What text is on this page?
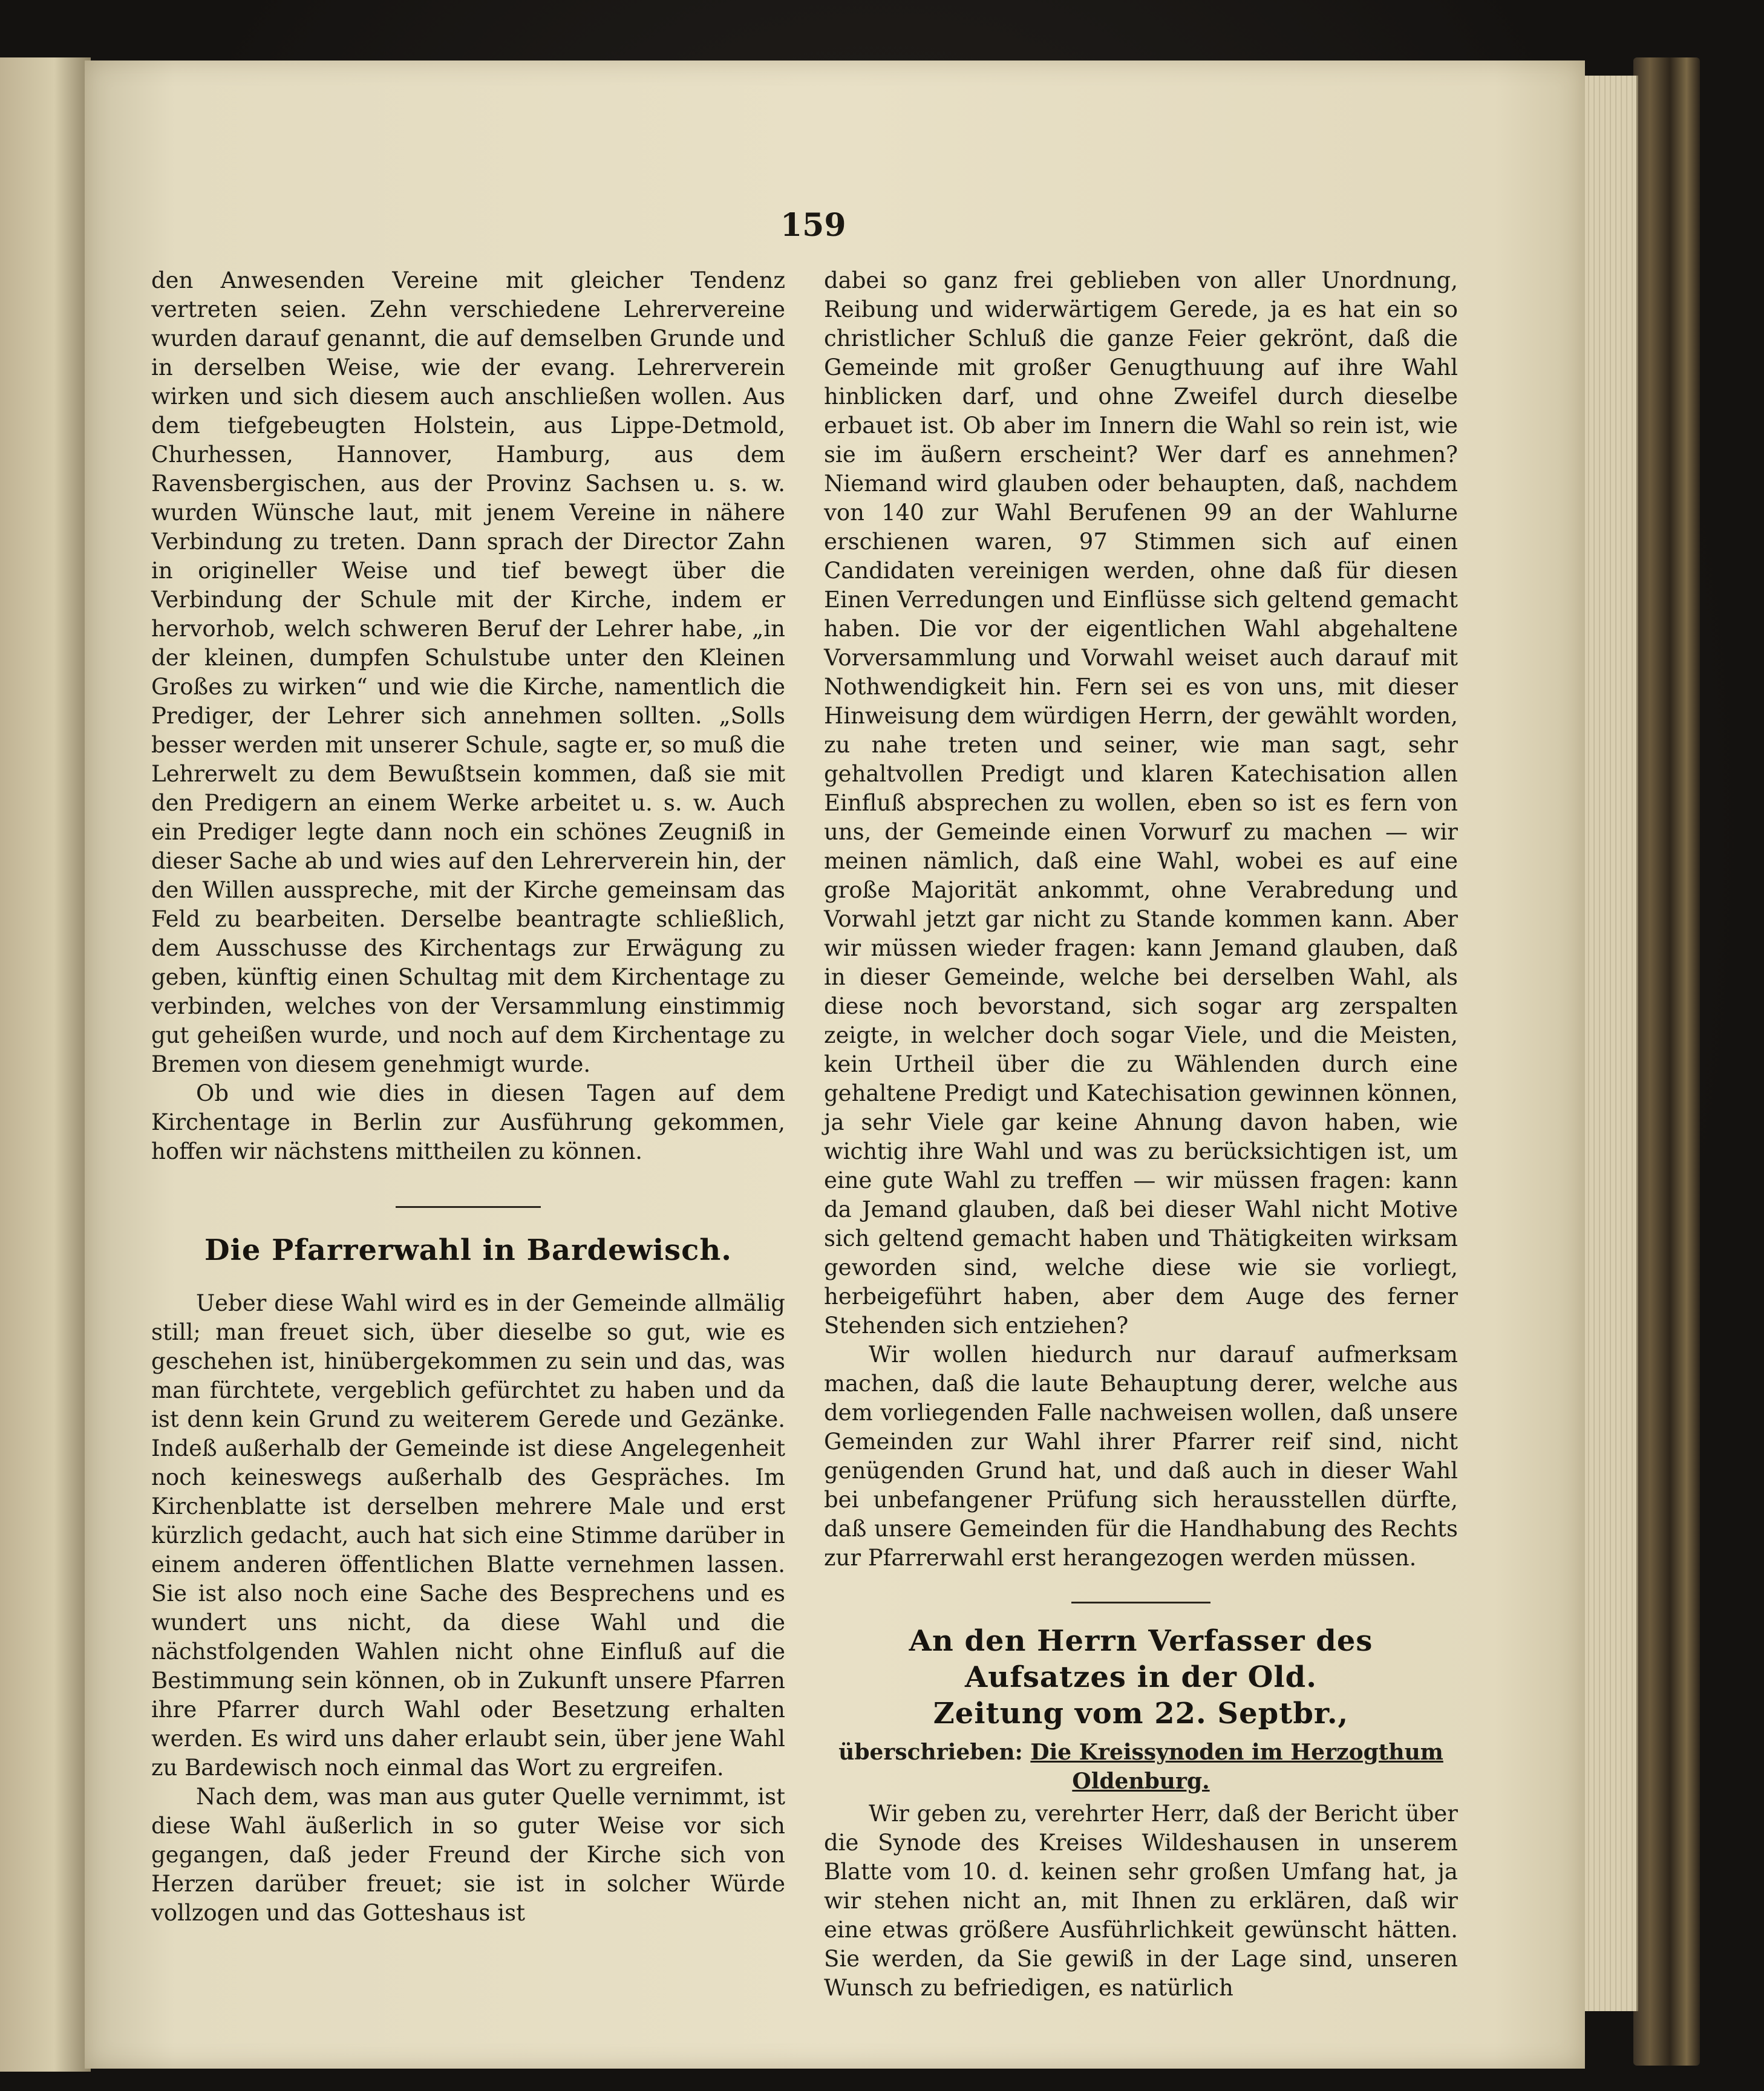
159

den Anwesenden Vereine mit gleicher Tendenz vertreten seien. Zehn verschiedene Lehrervereine wurden darauf genannt, die auf demselben Grunde und in derselben Weise, wie der evang. Lehrerverein wirken und sich diesem auch anschließen wollen. Aus dem tiefgebeugten Holstein, aus Lippe-Detmold, Churhessen, Hannover, Hamburg, aus dem Ravensbergischen, aus der Provinz Sachsen u. s. w. wurden Wünsche laut, mit jenem Vereine in nähere Verbindung zu treten. Dann sprach der Director Zahn in origineller Weise und tief bewegt über die Verbindung der Schule mit der Kirche, indem er hervorhob, welch schweren Beruf der Lehrer habe, „in der kleinen, dumpfen Schulstube unter den Kleinen Großes zu wirken“ und wie die Kirche, namentlich die Prediger, der Lehrer sich annehmen sollten. „Solls besser werden mit unserer Schule, sagte er, so muß die Lehrerwelt zu dem Bewußtsein kommen, daß sie mit den Predigern an einem Werke arbeitet u. s. w. Auch ein Prediger legte dann noch ein schönes Zeugniß in dieser Sache ab und wies auf den Lehrerverein hin, der den Willen ausspreche, mit der Kirche gemeinsam das Feld zu bearbeiten. Derselbe beantragte schließlich, dem Ausschusse des Kirchentags zur Erwägung zu geben, künftig einen Schultag mit dem Kirchentage zu verbinden, welches von der Versammlung einstimmig gut geheißen wurde, und noch auf dem Kirchentage zu Bremen von diesem genehmigt wurde.

Ob und wie dies in diesen Tagen auf dem Kirchentage in Berlin zur Ausführung gekommen, hoffen wir nächstens mittheilen zu können.

Die Pfarrerwahl in Bardewisch.

Ueber diese Wahl wird es in der Gemeinde allmälig still; man freuet sich, über dieselbe so gut, wie es geschehen ist, hinübergekommen zu sein und das, was man fürchtete, vergeblich gefürchtet zu haben und da ist denn kein Grund zu weiterem Gerede und Gezänke. Indeß außerhalb der Gemeinde ist diese Angelegenheit noch keineswegs außerhalb des Gespräches. Im Kirchenblatte ist derselben mehrere Male und erst kürzlich gedacht, auch hat sich eine Stimme darüber in einem anderen öffentlichen Blatte vernehmen lassen. Sie ist also noch eine Sache des Besprechens und es wundert uns nicht, da diese Wahl und die nächstfolgenden Wahlen nicht ohne Einfluß auf die Bestimmung sein können, ob in Zukunft unsere Pfarren ihre Pfarrer durch Wahl oder Besetzung erhalten werden. Es wird uns daher erlaubt sein, über jene Wahl zu Bardewisch noch einmal das Wort zu ergreifen.

Nach dem, was man aus guter Quelle vernimmt, ist diese Wahl äußerlich in so guter Weise vor sich gegangen, daß jeder Freund der Kirche sich von Herzen darüber freuet; sie ist in solcher Würde vollzogen und das Gotteshaus ist

dabei so ganz frei geblieben von aller Unordnung, Reibung und widerwärtigem Gerede, ja es hat ein so christlicher Schluß die ganze Feier gekrönt, daß die Gemeinde mit großer Genugthuung auf ihre Wahl hinblicken darf, und ohne Zweifel durch dieselbe erbauet ist. Ob aber im Innern die Wahl so rein ist, wie sie im äußern erscheint? Wer darf es annehmen? Niemand wird glauben oder behaupten, daß, nachdem von 140 zur Wahl Berufenen 99 an der Wahlurne erschienen waren, 97 Stimmen sich auf einen Candidaten vereinigen werden, ohne daß für diesen Einen Verredungen und Einflüsse sich geltend gemacht haben. Die vor der eigentlichen Wahl abgehaltene Vorversammlung und Vorwahl weiset auch darauf mit Nothwendigkeit hin. Fern sei es von uns, mit dieser Hinweisung dem würdigen Herrn, der gewählt worden, zu nahe treten und seiner, wie man sagt, sehr gehaltvollen Predigt und klaren Katechisation allen Einfluß absprechen zu wollen, eben so ist es fern von uns, der Gemeinde einen Vorwurf zu machen — wir meinen nämlich, daß eine Wahl, wobei es auf eine große Majorität ankommt, ohne Verabredung und Vorwahl jetzt gar nicht zu Stande kommen kann. Aber wir müssen wieder fragen: kann Jemand glauben, daß in dieser Gemeinde, welche bei derselben Wahl, als diese noch bevorstand, sich sogar arg zerspalten zeigte, in welcher doch sogar Viele, und die Meisten, kein Urtheil über die zu Wählenden durch eine gehaltene Predigt und Katechisation gewinnen können, ja sehr Viele gar keine Ahnung davon haben, wie wichtig ihre Wahl und was zu berücksichtigen ist, um eine gute Wahl zu treffen — wir müssen fragen: kann da Jemand glauben, daß bei dieser Wahl nicht Motive sich geltend gemacht haben und Thätigkeiten wirksam geworden sind, welche diese wie sie vorliegt, herbeigeführt haben, aber dem Auge des ferner Stehenden sich entziehen?

Wir wollen hiedurch nur darauf aufmerksam machen, daß die laute Behauptung derer, welche aus dem vorliegenden Falle nachweisen wollen, daß unsere Gemeinden zur Wahl ihrer Pfarrer reif sind, nicht genügenden Grund hat, und daß auch in dieser Wahl bei unbefangener Prüfung sich herausstellen dürfte, daß unsere Gemeinden für die Handhabung des Rechts zur Pfarrerwahl erst herangezogen werden müssen.

An den Herrn Verfasser des Aufsatzes in der Old.
Zeitung vom 22. Septbr.,
überschrieben: Die Kreissynoden im Herzogthum Oldenburg.

Wir geben zu, verehrter Herr, daß der Bericht über die Synode des Kreises Wildeshausen in unserem Blatte vom 10. d. keinen sehr großen Umfang hat, ja wir stehen nicht an, mit Ihnen zu erklären, daß wir eine etwas größere Ausführlichkeit gewünscht hätten. Sie werden, da Sie gewiß in der Lage sind, unseren Wunsch zu befriedigen, es natürlich
